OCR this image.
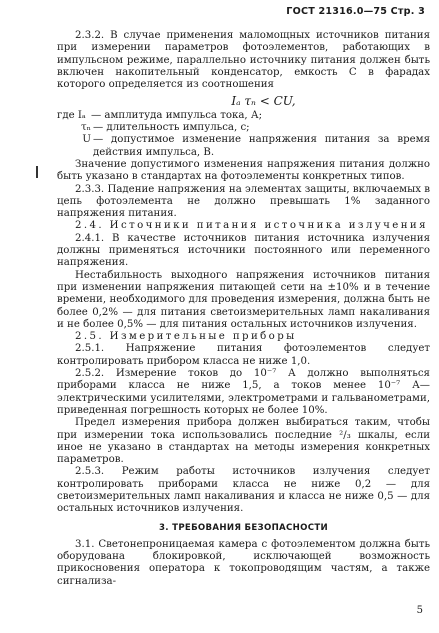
ГОСТ 21316.0—75 Стр. 3

2.3.2. В случае применения маломощных источников питания при измерении параметров фотоэлементов, работающих в импульсном режиме, параллельно источнику питания должен быть включен накопительный конденсатор, емкость C в фарадах которого определяется из соотношения

Iₐ τₙ < CU,
где Iₐ — амплитуда импульса тока, А;
τₙ — длительность импульса, с;
U — допустимое изменение напряжения питания за время действия импульса, В.

Значение допустимого изменения напряжения питания должно быть указано в стандартах на фотоэлементы конкретных типов.

2.3.3. Падение напряжения на элементах защиты, включаемых в цепь фотоэлемента не должно превышать 1% заданного напряжения питания.

2.4. Источники питания источника излучения

2.4.1. В качестве источников питания источника излучения должны применяться источники постоянного или переменного напряжения.

Нестабильность выходного напряжения источников питания при изменении напряжения питающей сети на ±10% и в течение времени, необходимого для проведения измерения, должна быть не более 0,2% — для питания светоизмерительных ламп накаливания и не более 0,5% — для питания остальных источников излучения.

2.5. Измерительные приборы

2.5.1. Напряжение питания фотоэлементов следует контролировать прибором класса не ниже 1,0.

2.5.2. Измерение токов до 10⁻⁷ А должно выполняться приборами класса не ниже 1,5, а токов менее 10⁻⁷ А—электрическими усилителями, электрометрами и гальванометрами, приведенная погрешность которых не более 10%.

Предел измерения прибора должен выбираться таким, чтобы при измерении тока использовались последние ²/₃ шкалы, если иное не указано в стандартах на методы измерения конкретных параметров.

2.5.3. Режим работы источников излучения следует контролировать приборами класса не ниже 0,2 — для светоизмерительных ламп накаливания и класса не ниже 0,5 — для остальных источников излучения.

3. ТРЕБОВАНИЯ БЕЗОПАСНОСТИ

3.1. Светонепроницаемая камера с фотоэлементом должна быть оборудована блокировкой, исключающей возможность прикосновения оператора к токопроводящим частям, а также сигнализа-

5
